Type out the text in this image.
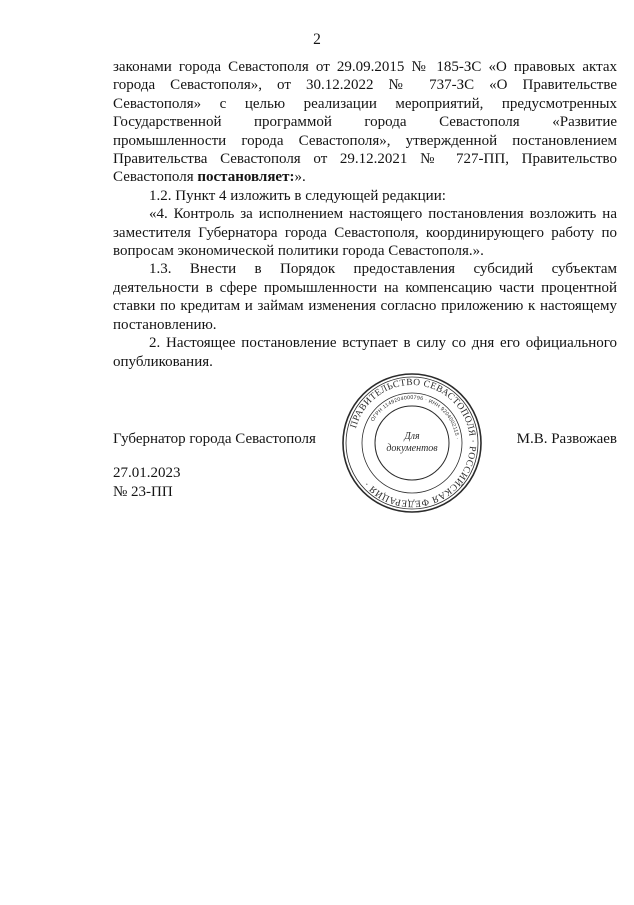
2

законами города Севастополя от 29.09.2015 № 185-ЗС «О правовых актах города Севастополя», от 30.12.2022 № 737-ЗС «О Правительстве Севастополя» с целью реализации мероприятий, предусмотренных Государственной программой города Севастополя «Развитие промышленности города Севастополя», утвержденной постановлением Правительства Севастополя от 29.12.2021 № 727-ПП, Правительство Севастополя постановляет:».

1.2. Пункт 4 изложить в следующей редакции:

«4. Контроль за исполнением настоящего постановления возложить на заместителя Губернатора города Севастополя, координирующего работу по вопросам экономической политики города Севастополя.».

1.3. Внести в Порядок предоставления субсидий субъектам деятельности в сфере промышленности на компенсацию части процентной ставки по кредитам и займам изменения согласно приложению к настоящему постановлению.

2. Настоящее постановление вступает в силу со дня его официального опубликования.

Губернатор города Севастополя	М.В. Развожаев
27.01.2023
№ 23-ПП
ПРАВИТЕЛЬСТВО СЕВАСТОПОЛЯ · РОССИЙСКАЯ ФЕДЕРАЦИЯ ·
ОГРН 1149204000796 · ИНН 9204002115 ·
Для
документов
